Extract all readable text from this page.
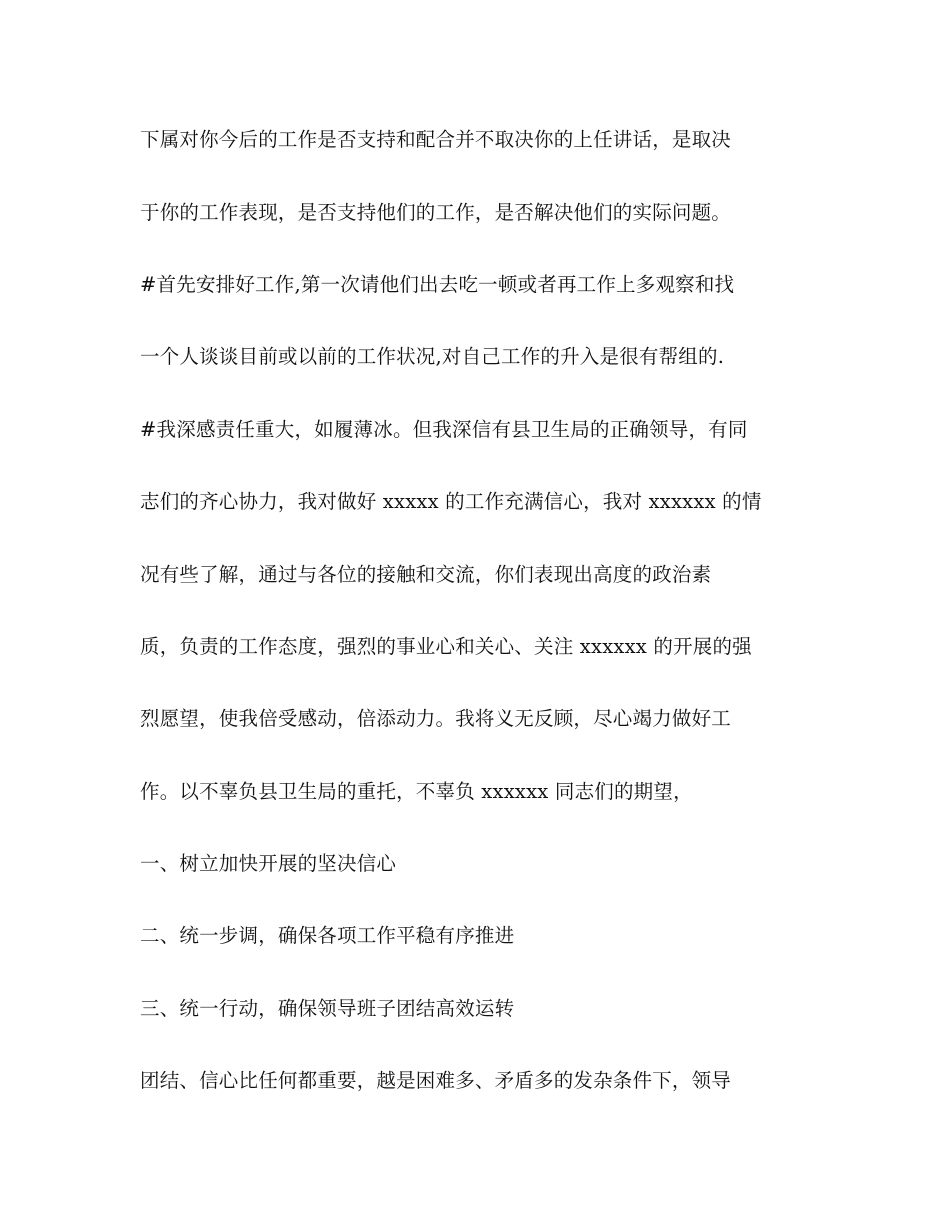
下属对你今后的工作是否支持和配合并不取决你的上任讲话，是取决
于你的工作表现，是否支持他们的工作，是否解决他们的实际问题。
#首先安排好工作,第一次请他们出去吃一顿或者再工作上多观察和找
一个人谈谈目前或以前的工作状况,对自己工作的升入是很有帮组的.
#我深感责任重大，如履薄冰。但我深信有县卫生局的正确领导，有同
志们的齐心协力，我对做好 xxxxx 的工作充满信心，我对 xxxxxx 的情
况有些了解，通过与各位的接触和交流，你们表现出高度的政治素
质，负责的工作态度，强烈的事业心和关心、关注 xxxxxx 的开展的强
烈愿望，使我倍受感动，倍添动力。我将义无反顾，尽心竭力做好工
作。以不辜负县卫生局的重托，不辜负 xxxxxx 同志们的期望，
一、树立加快开展的坚决信心
二、统一步调，确保各项工作平稳有序推进
三、统一行动，确保领导班子团结高效运转
团结、信心比任何都重要，越是困难多、矛盾多的发杂条件下，领导
